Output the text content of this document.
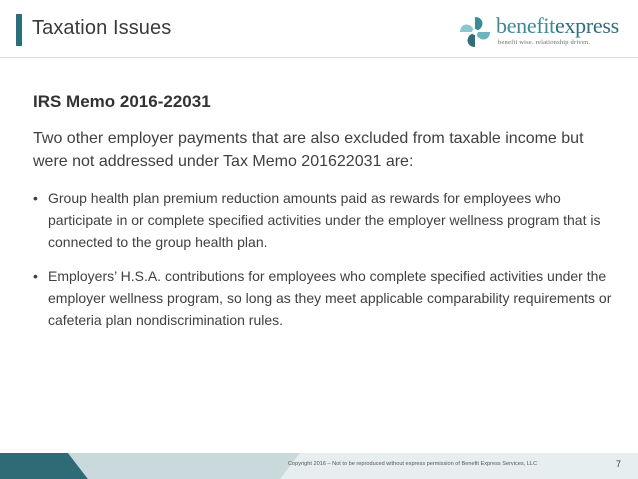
Taxation Issues	benefitexpress
benefit wise. relationship driven.
IRS Memo 2016-22031
Two other employer payments that are also excluded from taxable income but were not addressed under Tax Memo 201622031 are:
• Group health plan premium reduction amounts paid as rewards for employees who participate in or complete specified activities under the employer wellness program that is connected to the group health plan.
• Employers’ H.S.A. contributions for employees who complete specified activities under the employer wellness program, so long as they meet applicable comparability requirements or cafeteria plan nondiscrimination rules.
Copyright 2016 – Not to be reproduced without express permission of Benefit Express Services, LLC	7
